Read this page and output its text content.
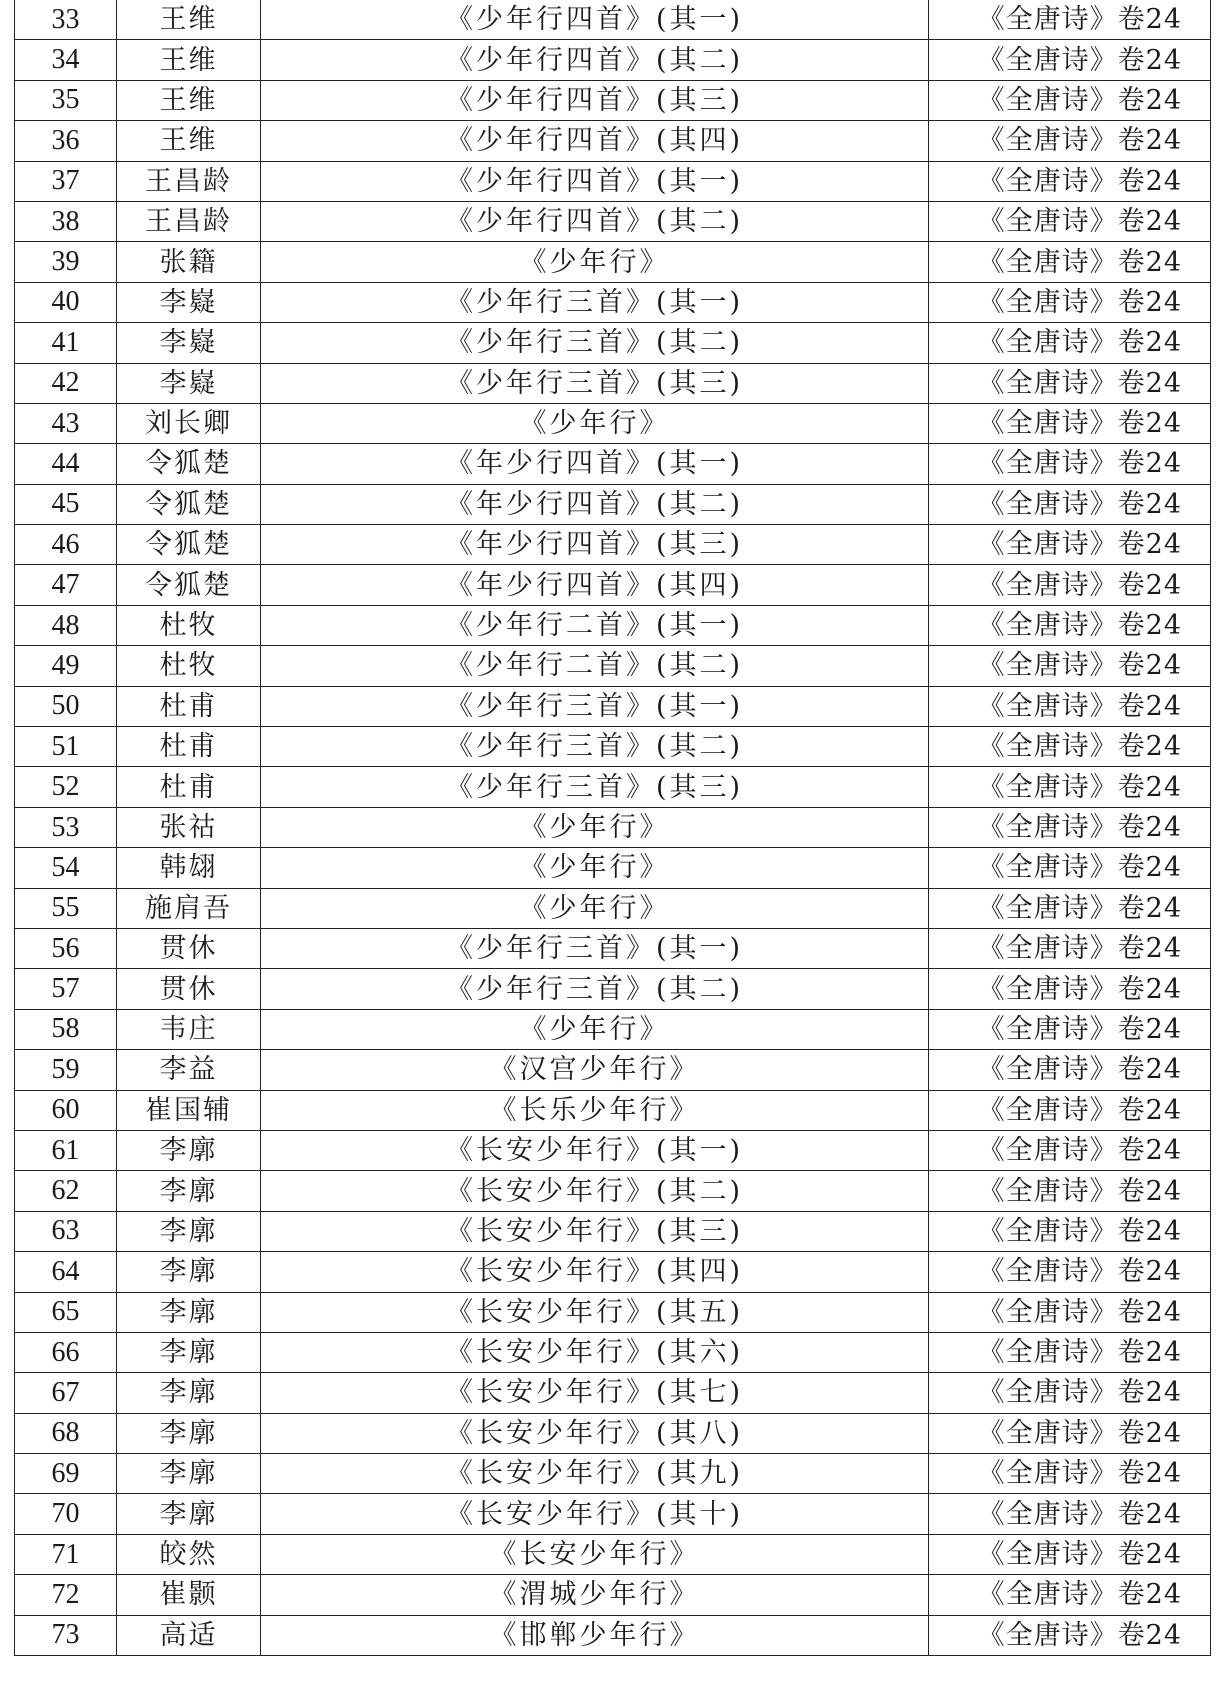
33	王维	《少年行四首》(其一)	《全唐诗》卷24
34	王维	《少年行四首》(其二)	《全唐诗》卷24
35	王维	《少年行四首》(其三)	《全唐诗》卷24
36	王维	《少年行四首》(其四)	《全唐诗》卷24
37	王昌龄	《少年行四首》(其一)	《全唐诗》卷24
38	王昌龄	《少年行四首》(其二)	《全唐诗》卷24
39	张籍	《少年行》	《全唐诗》卷24
40	李嶷	《少年行三首》(其一)	《全唐诗》卷24
41	李嶷	《少年行三首》(其二)	《全唐诗》卷24
42	李嶷	《少年行三首》(其三)	《全唐诗》卷24
43	刘长卿	《少年行》	《全唐诗》卷24
44	令狐楚	《年少行四首》(其一)	《全唐诗》卷24
45	令狐楚	《年少行四首》(其二)	《全唐诗》卷24
46	令狐楚	《年少行四首》(其三)	《全唐诗》卷24
47	令狐楚	《年少行四首》(其四)	《全唐诗》卷24
48	杜牧	《少年行二首》(其一)	《全唐诗》卷24
49	杜牧	《少年行二首》(其二)	《全唐诗》卷24
50	杜甫	《少年行三首》(其一)	《全唐诗》卷24
51	杜甫	《少年行三首》(其二)	《全唐诗》卷24
52	杜甫	《少年行三首》(其三)	《全唐诗》卷24
53	张祜	《少年行》	《全唐诗》卷24
54	韩翃	《少年行》	《全唐诗》卷24
55	施肩吾	《少年行》	《全唐诗》卷24
56	贯休	《少年行三首》(其一)	《全唐诗》卷24
57	贯休	《少年行三首》(其二)	《全唐诗》卷24
58	韦庄	《少年行》	《全唐诗》卷24
59	李益	《汉宫少年行》	《全唐诗》卷24
60	崔国辅	《长乐少年行》	《全唐诗》卷24
61	李廓	《长安少年行》(其一)	《全唐诗》卷24
62	李廓	《长安少年行》(其二)	《全唐诗》卷24
63	李廓	《长安少年行》(其三)	《全唐诗》卷24
64	李廓	《长安少年行》(其四)	《全唐诗》卷24
65	李廓	《长安少年行》(其五)	《全唐诗》卷24
66	李廓	《长安少年行》(其六)	《全唐诗》卷24
67	李廓	《长安少年行》(其七)	《全唐诗》卷24
68	李廓	《长安少年行》(其八)	《全唐诗》卷24
69	李廓	《长安少年行》(其九)	《全唐诗》卷24
70	李廓	《长安少年行》(其十)	《全唐诗》卷24
71	皎然	《长安少年行》	《全唐诗》卷24
72	崔颢	《渭城少年行》	《全唐诗》卷24
73	高适	《邯郸少年行》	《全唐诗》卷24
